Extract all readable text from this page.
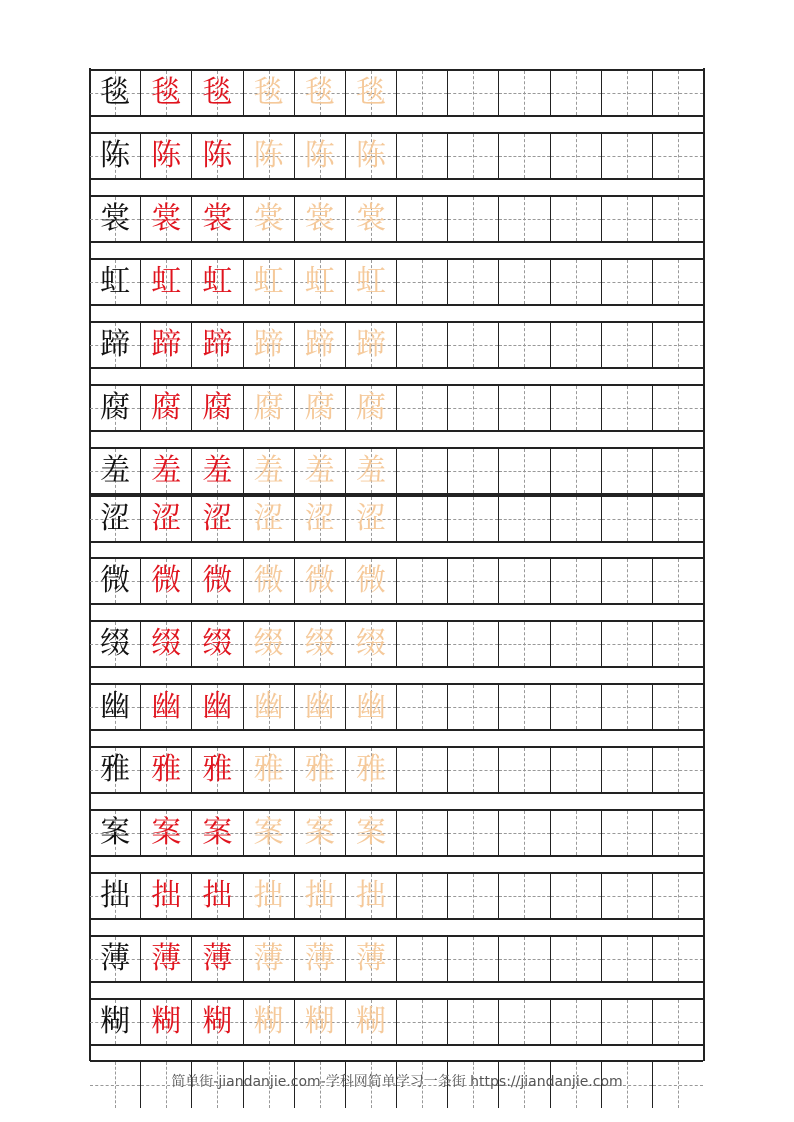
毯 毯 毯 毯 毯 毯
陈 陈 陈 陈 陈 陈
裳 裳 裳 裳 裳 裳
虹 虹 虹 虹 虹 虹
蹄 蹄 蹄 蹄 蹄 蹄
腐 腐 腐 腐 腐 腐
羞 羞 羞 羞 羞 羞
涩 涩 涩 涩 涩 涩
微 微 微 微 微 微
缀 缀 缀 缀 缀 缀
幽 幽 幽 幽 幽 幽
雅 雅 雅 雅 雅 雅
案 案 案 案 案 案
拙 拙 拙 拙 拙 拙
薄 薄 薄 薄 薄 薄
糊 糊 糊 糊 糊 糊
简单街-jiandanjie.com-学科网简单学习一条街 https://jiandanjie.com
